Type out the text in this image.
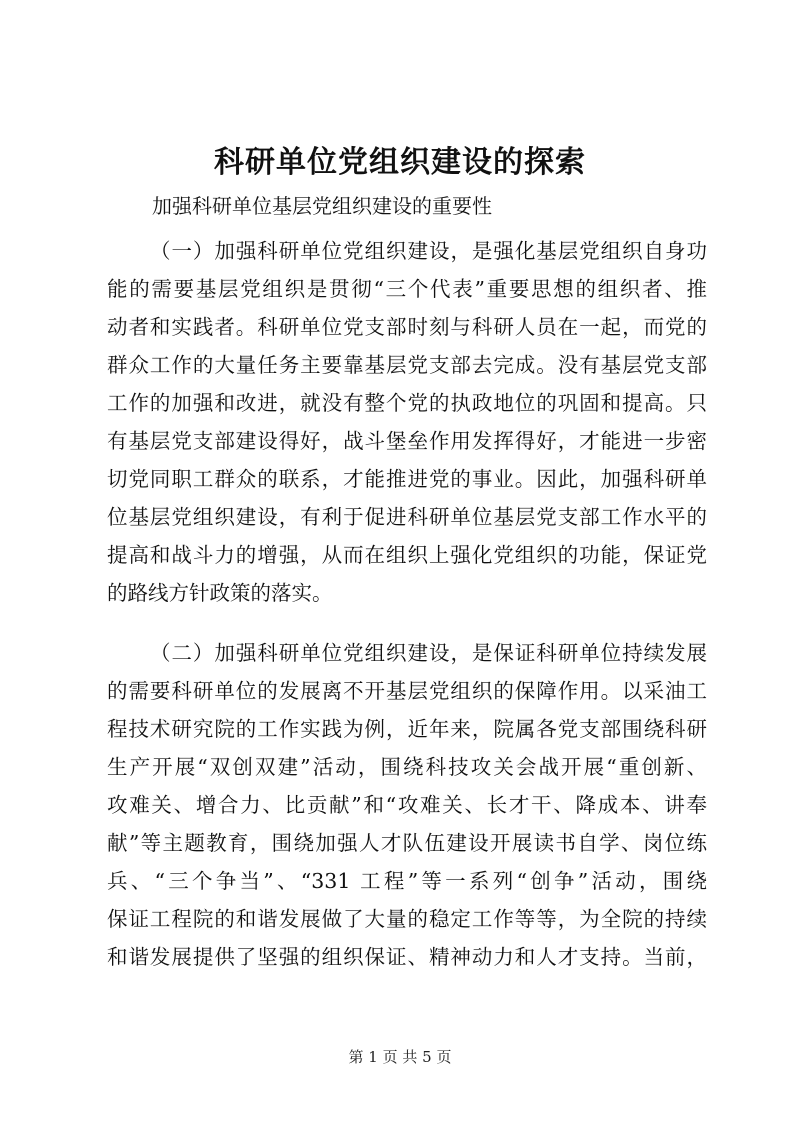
科研单位党组织建设的探索

加强科研单位基层党组织建设的重要性

（一）加强科研单位党组织建设，是强化基层党组织自身功
能的需要基层党组织是贯彻“三个代表”重要思想的组织者、推
动者和实践者。科研单位党支部时刻与科研人员在一起，而党的
群众工作的大量任务主要靠基层党支部去完成。没有基层党支部
工作的加强和改进，就没有整个党的执政地位的巩固和提高。只
有基层党支部建设得好，战斗堡垒作用发挥得好，才能进一步密
切党同职工群众的联系，才能推进党的事业。因此，加强科研单
位基层党组织建设，有利于促进科研单位基层党支部工作水平的
提高和战斗力的增强，从而在组织上强化党组织的功能，保证党
的路线方针政策的落实。
（二）加强科研单位党组织建设，是保证科研单位持续发展
的需要科研单位的发展离不开基层党组织的保障作用。以采油工
程技术研究院的工作实践为例，近年来，院属各党支部围绕科研
生产开展“双创双建”活动，围绕科技攻关会战开展“重创新、
攻难关、增合力、比贡献”和“攻难关、长才干、降成本、讲奉
献”等主题教育，围绕加强人才队伍建设开展读书自学、岗位练
兵、“三个争当”、“331 工程”等一系列“创争”活动，围绕
保证工程院的和谐发展做了大量的稳定工作等等，为全院的持续
和谐发展提供了坚强的组织保证、精神动力和人才支持。当前，
第 1 页 共 5 页
